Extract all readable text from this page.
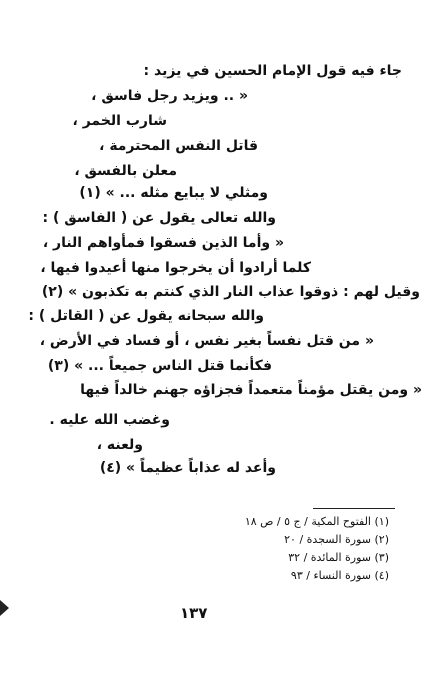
جاء فيه قول الإمام الحسين في يزيد :
« .. ويزيد رجل فاسق ،
شارب الخمر ،
قاتل النفس المحترمة ،
معلن بالفسق ،
ومثلي لا يبايع مثله ... » (١)
والله تعالى يقول عن ( الفاسق ) :
« وأما الذين فسقوا فمأواهم النار ،
كلما أرادوا أن يخرجوا منها أعيدوا فيها ،
وقيل لهم : ذوقوا عذاب النار الذي كنتم به تكذبون » (٢)
والله سبحانه يقول عن ( القاتل ) :
« من قتل نفساً بغير نفس ، أو فساد في الأرض ،
فكأنما قتل الناس جميعاً ... » (٣)
« ومن يقتل مؤمناً متعمداً فجزاؤه جهنم خالداً فيها
وغضب الله عليه .
ولعنه ،
وأعد له عذاباً عظيماً » (٤)
(١) الفتوح المكية / ج ٥ / ص ١٨
(٢) سورة السجدة / ٢٠
(٣) سورة المائدة / ٣٢
(٤) سورة النساء / ٩٣
١٣٧
